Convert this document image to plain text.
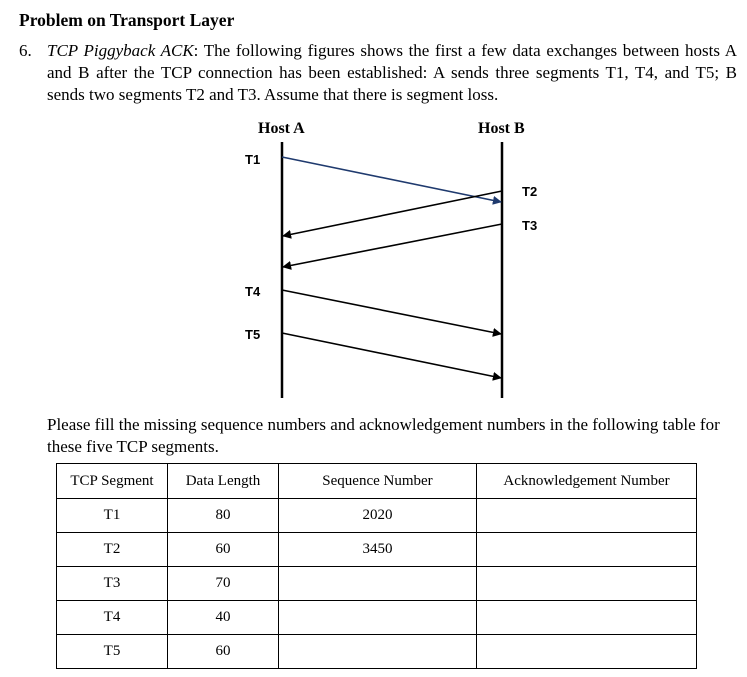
Problem on Transport Layer
6. TCP Piggyback ACK: The following figures shows the first a few data exchanges between hosts A and B after the TCP connection has been established: A sends three segments T1, T4, and T5; B sends two segments T2 and T3. Assume that there is segment loss.
Host A	Host B
T1
T2
T3
T4
T5
Please fill the missing sequence numbers and acknowledgement numbers in the following table for these five TCP segments.
TCP Segment	Data Length	Sequence Number	Acknowledgement Number
T1	80	2020	
T2	60	3450	
T3	70		
T4	40		
T5	60		
